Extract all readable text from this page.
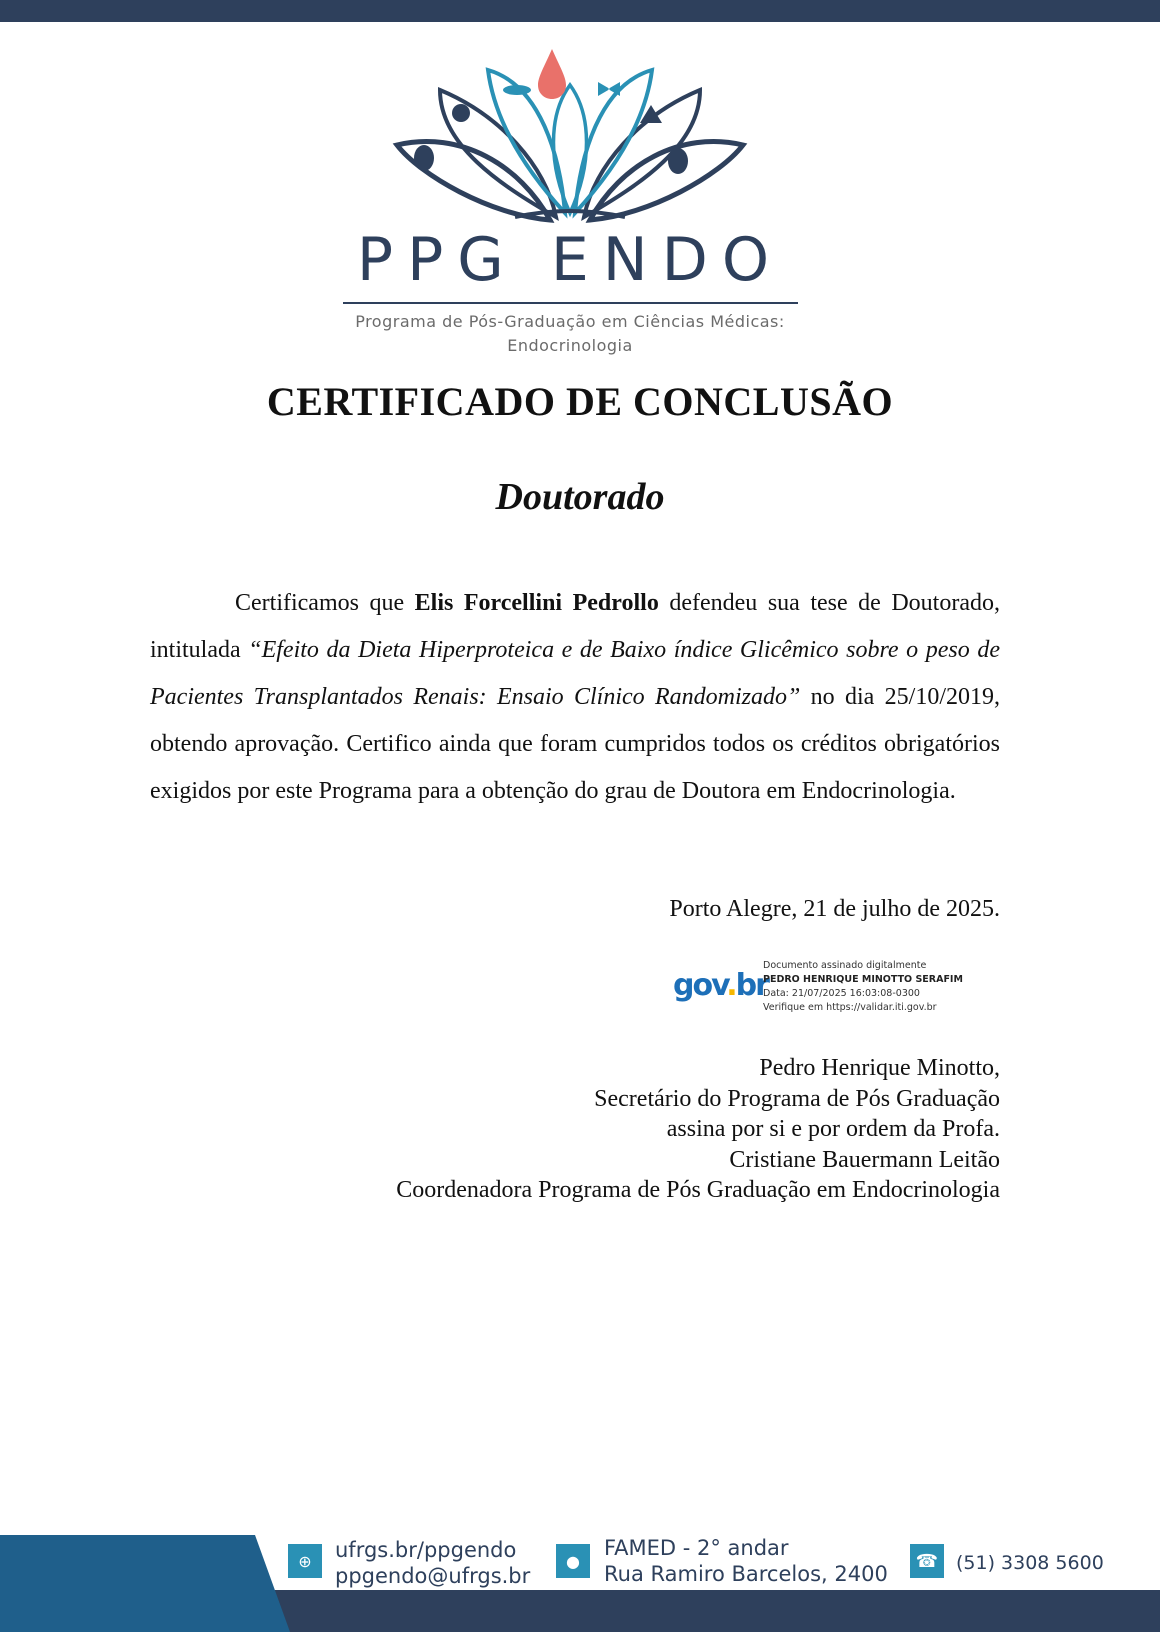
PPG ENDO
Programa de Pós-Graduação em Ciências Médicas:
Endocrinologia
CERTIFICADO DE CONCLUSÃO
Doutorado
Certificamos que Elis Forcellini Pedrollo defendeu sua tese de Doutorado, intitulada “Efeito da Dieta Hiperproteica e de Baixo índice Glicêmico sobre o peso de Pacientes Transplantados Renais: Ensaio Clínico Randomizado” no dia 25/10/2019, obtendo aprovação. Certifico ainda que foram cumpridos todos os créditos obrigatórios exigidos por este Programa para a obtenção do grau de Doutora em Endocrinologia.
Porto Alegre, 21 de julho de 2025.
gov.br
Documento assinado digitalmente
PEDRO HENRIQUE MINOTTO SERAFIM
Data: 21/07/2025 16:03:08-0300
Verifique em https://validar.iti.gov.br
Pedro Henrique Minotto,
Secretário do Programa de Pós Graduação
assina por si e por ordem da Profa.
Cristiane Bauermann Leitão
Coordenadora Programa de Pós Graduação em Endocrinologia
⊕	ufrgs.br/ppgendo
ppgendo@ufrgs.br
●
FAMED - 2° andar
Rua Ramiro Barcelos, 2400
☎ (51) 3308 5600
